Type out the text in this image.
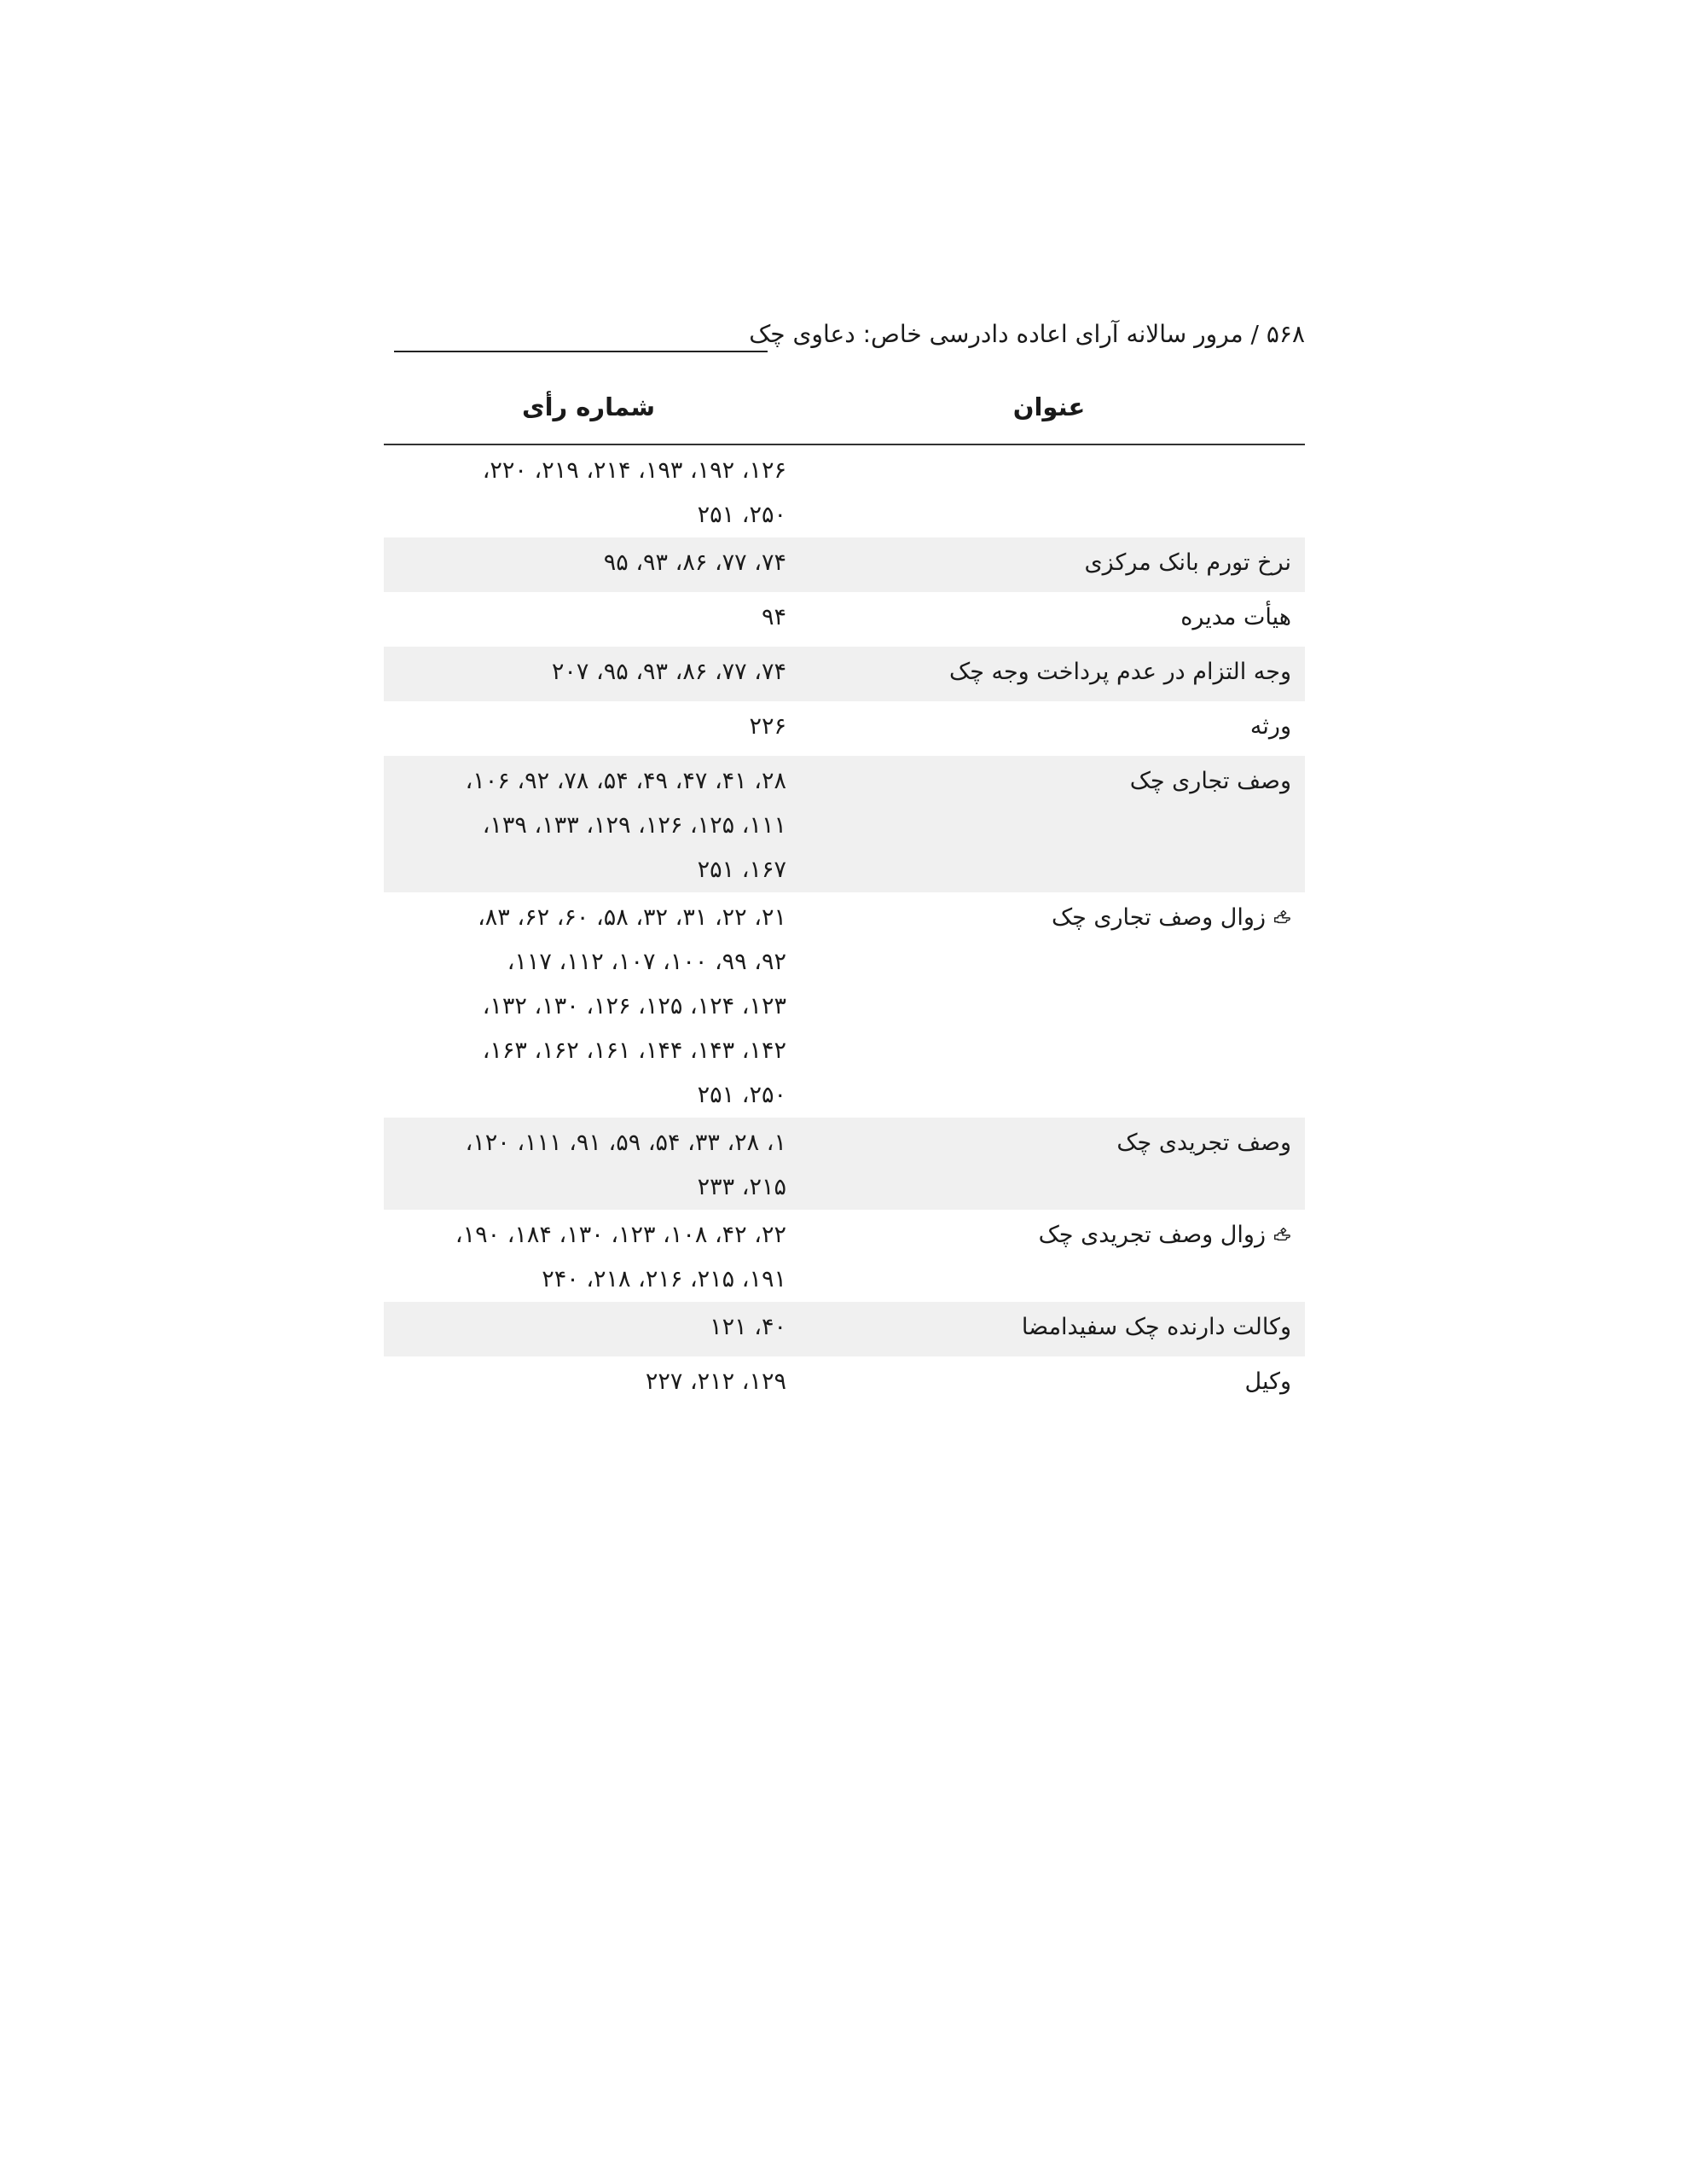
۵۶۸ / مرور سالانه آرای اعاده دادرسی خاص: دعاوی چک
عنوان	شماره رأی

	۱۲۶، ۱۹۲، ۱۹۳، ۲۱۴، ۲۱۹، ۲۲۰،
۲۵۰، ۲۵۱

نرخ تورم بانک مرکزی	۷۴، ۷۷، ۸۶، ۹۳، ۹۵

هیأت مدیره	۹۴

وجه التزام در عدم پرداخت وجه چک	۷۴، ۷۷، ۸۶، ۹۳، ۹۵، ۲۰۷

ورثه	۲۲۶

وصف تجاری چک	۲۸، ۴۱، ۴۷، ۴۹، ۵۴، ۷۸، ۹۲، ۱۰۶،
۱۱۱، ۱۲۵، ۱۲۶، ۱۲۹، ۱۳۳، ۱۳۹،
۱۶۷، ۲۵۱

زوال وصف تجاری چک	۲۱، ۲۲، ۳۱، ۳۲، ۵۸، ۶۰، ۶۲، ۸۳،
۹۲، ۹۹، ۱۰۰، ۱۰۷، ۱۱۲، ۱۱۷،
۱۲۳، ۱۲۴، ۱۲۵، ۱۲۶، ۱۳۰، ۱۳۲،
۱۴۲، ۱۴۳، ۱۴۴، ۱۶۱، ۱۶۲، ۱۶۳،
۲۵۰، ۲۵۱

وصف تجریدی چک	۱، ۲۸، ۳۳، ۵۴، ۵۹، ۹۱، ۱۱۱، ۱۲۰،
۲۱۵، ۲۳۳

زوال وصف تجریدی چک	۲۲، ۴۲، ۱۰۸، ۱۲۳، ۱۳۰، ۱۸۴، ۱۹۰،
۱۹۱، ۲۱۵، ۲۱۶، ۲۱۸، ۲۴۰

وکالت دارنده چک سفیدامضا	۴۰، ۱۲۱

وکیل	۱۲۹، ۲۱۲، ۲۲۷
